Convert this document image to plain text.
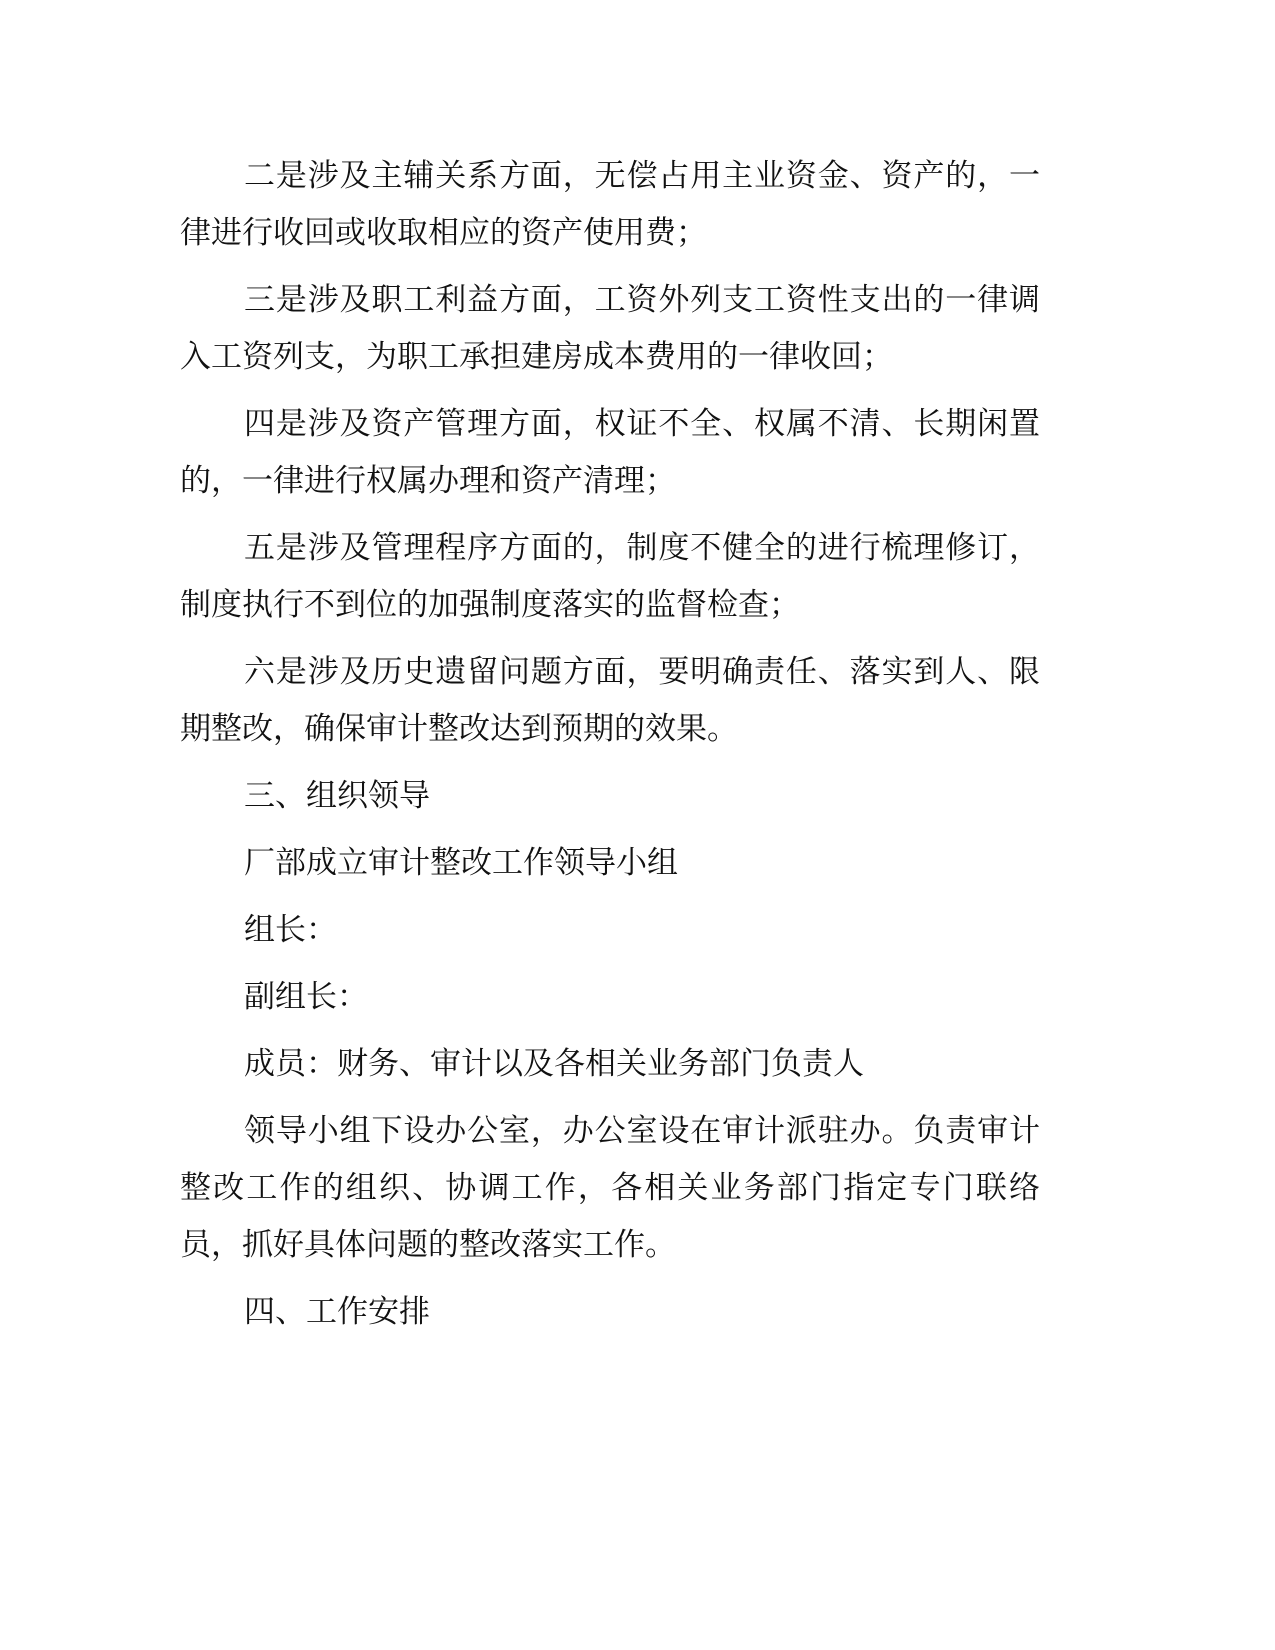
二是涉及主辅关系方面，无偿占用主业资金、资产的，一律进行收回或收取相应的资产使用费；

三是涉及职工利益方面，工资外列支工资性支出的一律调入工资列支，为职工承担建房成本费用的一律收回；

四是涉及资产管理方面，权证不全、权属不清、长期闲置的，一律进行权属办理和资产清理；

五是涉及管理程序方面的，制度不健全的进行梳理修订，制度执行不到位的加强制度落实的监督检查；

六是涉及历史遗留问题方面，要明确责任、落实到人、限期整改，确保审计整改达到预期的效果。

三、组织领导

厂部成立审计整改工作领导小组

组长：

副组长：

成员：财务、审计以及各相关业务部门负责人

领导小组下设办公室，办公室设在审计派驻办。负责审计整改工作的组织、协调工作，各相关业务部门指定专门联络员，抓好具体问题的整改落实工作。

四、工作安排
